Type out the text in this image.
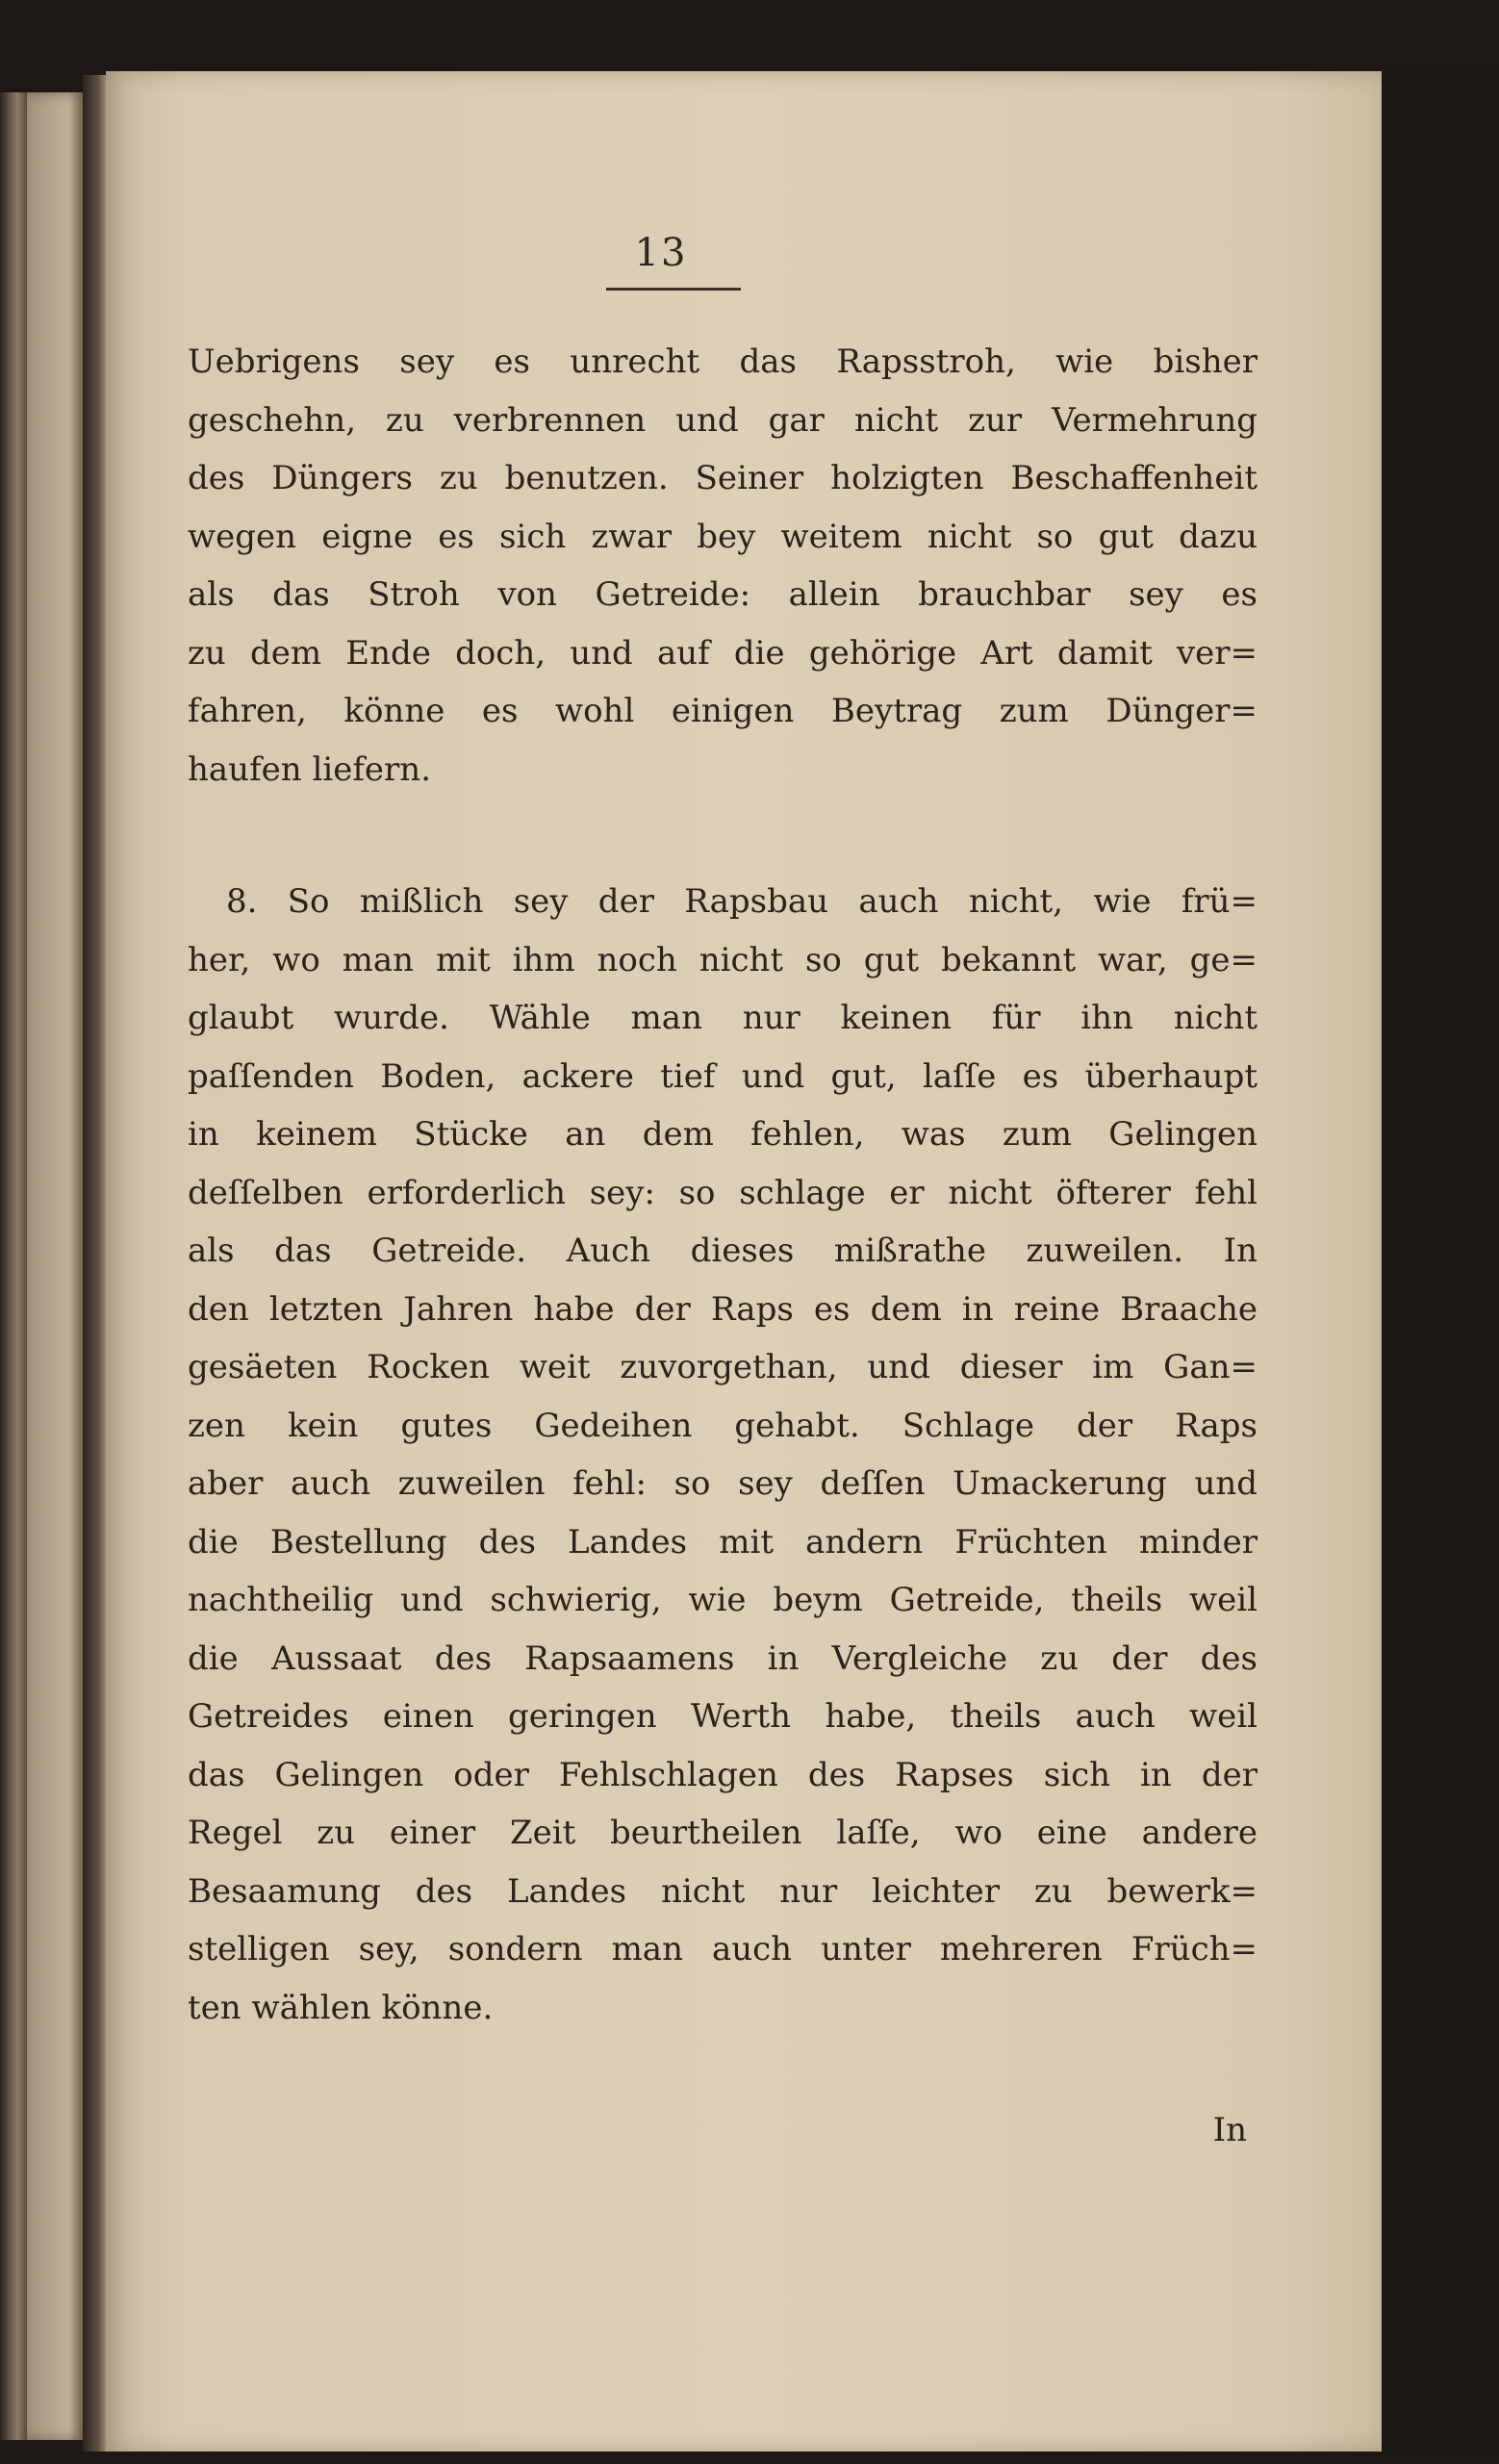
13
Uebrigens sey es unrecht das Rapsstroh, wie bisher
geschehn, zu verbrennen und gar nicht zur Vermehrung
des Düngers zu benutzen. Seiner holzigten Beschaffenheit
wegen eigne es sich zwar bey weitem nicht so gut dazu
als das Stroh von Getreide: allein brauchbar sey es
zu dem Ende doch, und auf die gehörige Art damit ver=
fahren, könne es wohl einigen Beytrag zum Dünger=
haufen liefern.
8. So mißlich sey der Rapsbau auch nicht, wie frü=
her, wo man mit ihm noch nicht so gut bekannt war, ge=
glaubt wurde. Wähle man nur keinen für ihn nicht
paſſenden Boden, ackere tief und gut, laſſe es überhaupt
in keinem Stücke an dem fehlen, was zum Gelingen
deſſelben erforderlich sey: so schlage er nicht öfterer fehl
als das Getreide. Auch dieses mißrathe zuweilen. In
den letzten Jahren habe der Raps es dem in reine Braache
gesäeten Rocken weit zuvorgethan, und dieser im Gan=
zen kein gutes Gedeihen gehabt. Schlage der Raps
aber auch zuweilen fehl: so sey deſſen Umackerung und
die Bestellung des Landes mit andern Früchten minder
nachtheilig und schwierig, wie beym Getreide, theils weil
die Aussaat des Rapsaamens in Vergleiche zu der des
Getreides einen geringen Werth habe, theils auch weil
das Gelingen oder Fehlschlagen des Rapses sich in der
Regel zu einer Zeit beurtheilen laſſe, wo eine andere
Besaamung des Landes nicht nur leichter zu bewerk=
stelligen sey, sondern man auch unter mehreren Früch=
ten wählen könne.
In
